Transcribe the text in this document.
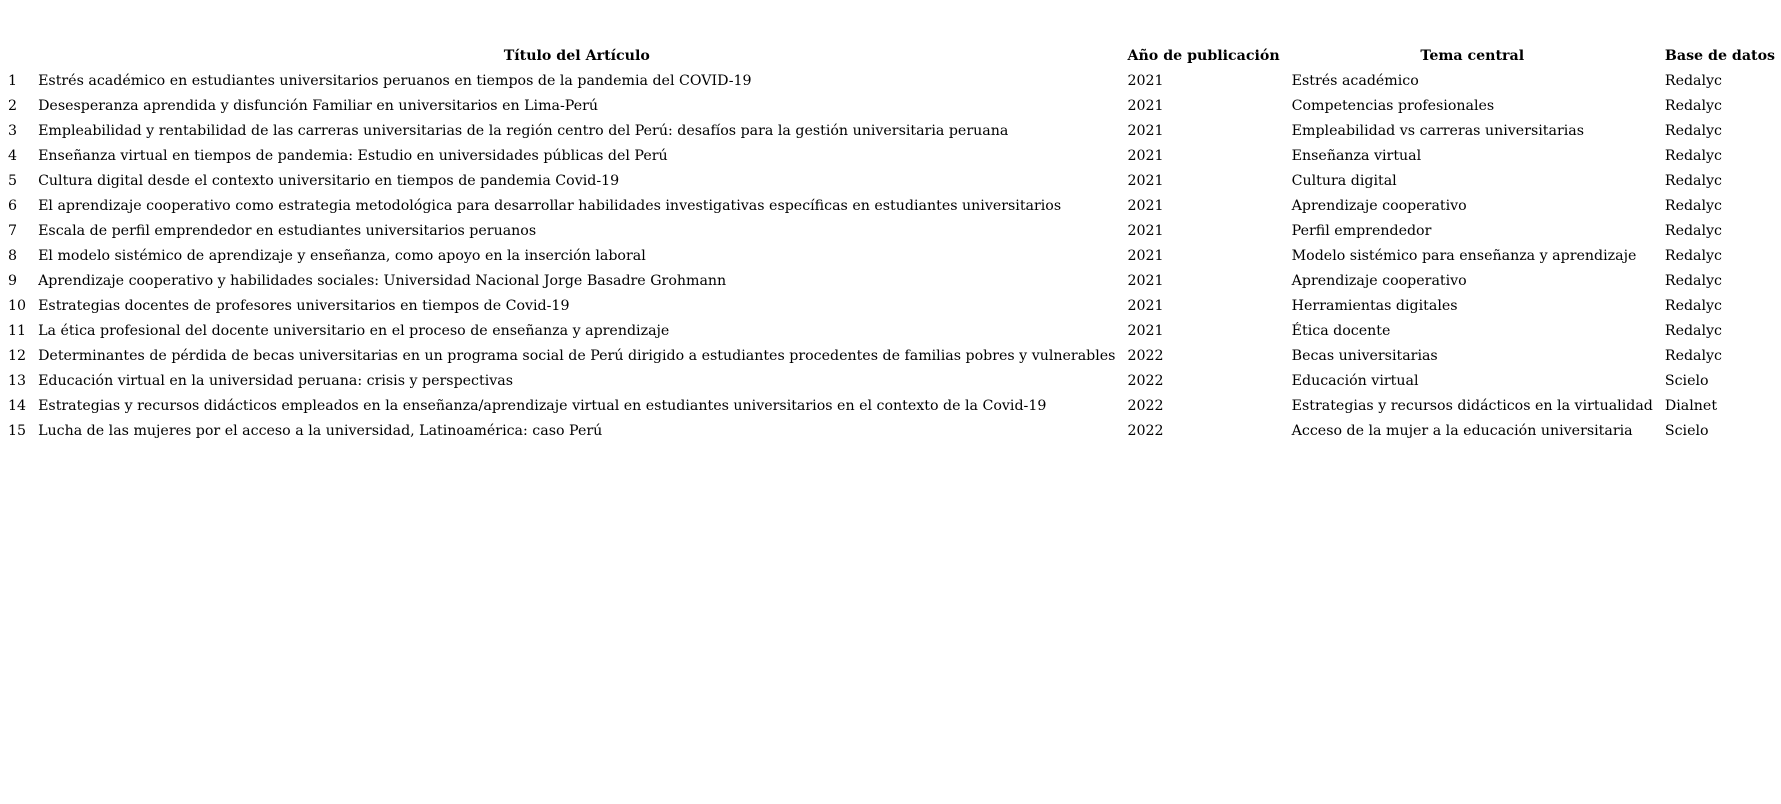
	Título del Artículo	Año de publicación	Tema central	Base de datos
1	Estrés académico en estudiantes universitarios peruanos en tiempos de la pandemia del COVID-19	2021	Estrés académico	Redalyc
2	Desesperanza aprendida y disfunción Familiar en universitarios en Lima-Perú	2021	Competencias profesionales	Redalyc
3	Empleabilidad y rentabilidad de las carreras universitarias de la región centro del Perú: desafíos para la gestión universitaria peruana	2021	Empleabilidad vs carreras universitarias	Redalyc
4	Enseñanza virtual en tiempos de pandemia: Estudio en universidades públicas del Perú	2021	Enseñanza virtual	Redalyc
5	Cultura digital desde el contexto universitario en tiempos de pandemia Covid-19	2021	Cultura digital	Redalyc
6	El aprendizaje cooperativo como estrategia metodológica para desarrollar habilidades investigativas específicas en estudiantes universitarios	2021	Aprendizaje cooperativo	Redalyc
7	Escala de perfil emprendedor en estudiantes universitarios peruanos	2021	Perfil emprendedor	Redalyc
8	El modelo sistémico de aprendizaje y enseñanza, como apoyo en la inserción laboral	2021	Modelo sistémico para enseñanza y aprendizaje	Redalyc
9	Aprendizaje cooperativo y habilidades sociales: Universidad Nacional Jorge Basadre Grohmann	2021	Aprendizaje cooperativo	Redalyc
10	Estrategias docentes de profesores universitarios en tiempos de Covid-19	2021	Herramientas digitales	Redalyc
11	La ética profesional del docente universitario en el proceso de enseñanza y aprendizaje	2021	Ética docente	Redalyc
12	Determinantes de pérdida de becas universitarias en un programa social de Perú dirigido a estudiantes procedentes de familias pobres y vulnerables	2022	Becas universitarias	Redalyc
13	Educación virtual en la universidad peruana: crisis y perspectivas	2022	Educación virtual	Scielo
14	Estrategias y recursos didácticos empleados en la enseñanza/aprendizaje virtual en estudiantes universitarios en el contexto de la Covid-19	2022	Estrategias y recursos didácticos en la virtualidad	Dialnet
15	Lucha de las mujeres por el acceso a la universidad, Latinoamérica: caso Perú	2022	Acceso de la mujer a la educación universitaria	Scielo
